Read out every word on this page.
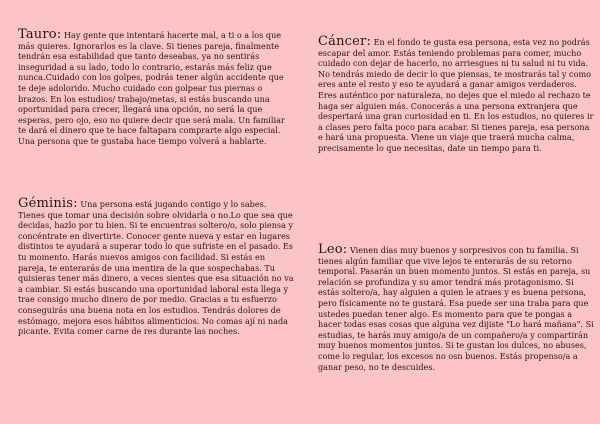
Tauro: Hay gente que intentará hacerte mal, a ti o a los que más quieres. Ignorarlos es la clave. Si tienes pareja, finalmente tendrán esa estabilidad que tanto deseabas, ya no sentirás inseguridad a su lado, todo lo contrario, estarás más feliz que nunca.Cuidado con los golpes, podrás tener algún accidente que te deje adolorido. Mucho cuidado con golpear tus piernas o brazos. En los estudios/ trabajo/metas, si estás buscando una oportunidad para crecer, llegará una opción, no será la que esperas, pero ojo, eso no quiere decir que será mala. Un familiar te dará el dinero que te hace faltapara comprarte algo especial. Una persona que te gustaba hace tiempo volverá a hablarte.

Géminis: Una persona está jugando contigo y lo sabes. Tienes que tomar una decisión sobre olvidarla o no.Lo que sea que decidas, hazlo por tu bien. Si te encuentras soltero/o, solo piensa y concéntrate en divertirte. Conocer gente nueva y estar en lugares distintos te ayudará a superar todo lo que sufriste en el pasado. Es tu momento. Harás nuevos amigos con facilidad. Si estás en pareja, te enterarás de una mentira de la que sospechabas. Tu quisieras tener más dinero, a veces sientes que esa situación no va a cambiar. Si estás buscando una oportunidad laboral esta llega y trae consigo mucho dinero de por medio. Gracias a tu esfuerzo conseguirás una buena nota en los estudios. Tendrás dolores de estómago, mejora esos hábitos alimenticios. No comas ají ni nada picante. Evita comer carne de res durante las noches.

Cáncer: En el fondo te gusta esa persona, esta vez no podrás escapar del amor. Estás teniendo problemas para comer, mucho cuidado con dejar de hacerlo, no arriesgues ni tu salud ni tu vida. No tendrás miedo de decir lo que piensas, te mostrarás tal y como eres ante el resto y eso te ayudará a ganar amigos verdaderos. Eres auténtico por naturaleza, no dejes que el miedo al rechazo te haga ser alguien más. Conocerás a una persona extranjera que despertará una gran curiosidad en ti. En los estudios, no quieres ir a clases pero falta poco para acabar. Si tienes pareja, esa persona e hará una propuesta. Viene un viaje que traerá mucha calma, precisamente lo que necesitas, date un tiempo para ti.

Leo: Vienen días muy buenos y sorpresivos con tu familia. Si tienes algún familiar que vive lejos te enterarás de su retorno temporal. Pasarán un buen momento juntos. Si estás en pareja, su relación se profundiza y su amor tendrá más protagonismo. Si estás soltero/a, hay alguien a quien le atraes y es buena persona, pero físicamente no te gustará. Esa puede ser una traba para que ustedes puedan tener algo. Es momento para que te pongas a hacer todas esas cosas que alguna vez dijiste "Lo hará mañana". Si estudias, te harás muy amigo/a de un compañero/a y compartirán muy buenos momentos juntos. Si te gustan los dulces, no abuses, come lo regular, los excesos no osn buenos. Estás propenso/a a ganar peso, no te descuides.
